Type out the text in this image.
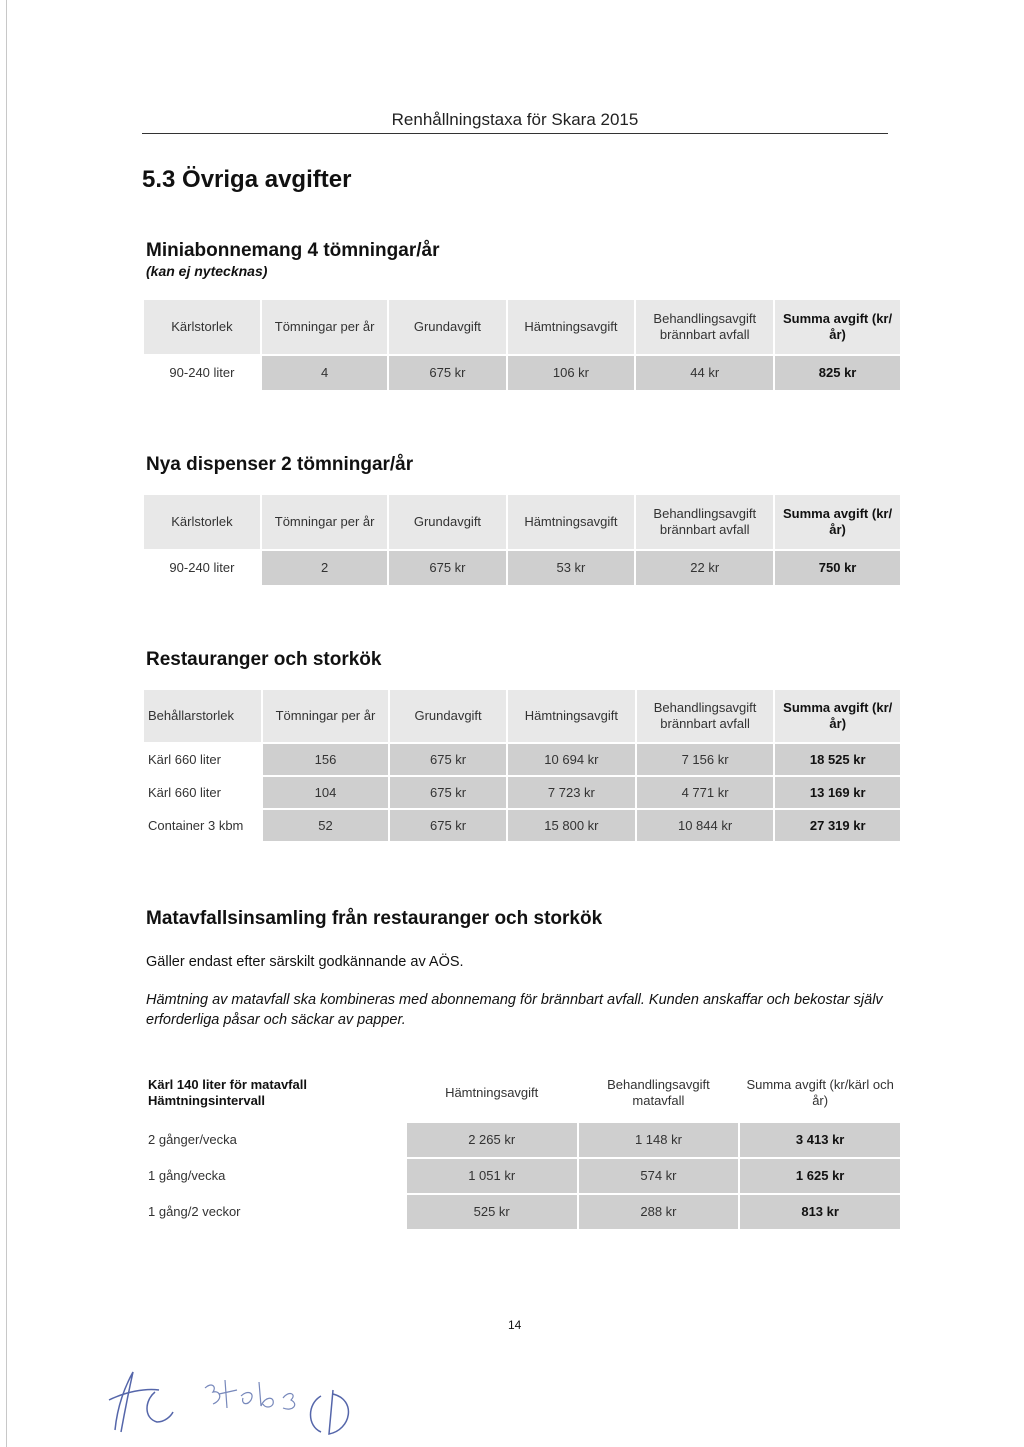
Renhållningstaxa för Skara 2015
5.3 Övriga avgifter
Miniabonnemang 4 tömningar/år
(kan ej nytecknas)
Kärlstorlek	Tömningar per år	Grundavgift	Hämtningsavgift	Behandlingsavgift brännbart avfall	Summa avgift (kr/år)
90-240 liter	4	675 kr	106 kr	44 kr	825 kr
Nya dispenser 2 tömningar/år
Kärlstorlek	Tömningar per år	Grundavgift	Hämtningsavgift	Behandlingsavgift brännbart avfall	Summa avgift (kr/år)
90-240 liter	2	675 kr	53 kr	22 kr	750 kr
Restauranger och storkök
Behållarstorlek	Tömningar per år	Grundavgift	Hämtningsavgift	Behandlingsavgift brännbart avfall	Summa avgift (kr/år)
Kärl 660 liter	156	675 kr	10 694 kr	7 156 kr	18 525 kr
Kärl 660 liter	104	675 kr	7 723 kr	4 771 kr	13 169 kr
Container 3 kbm	52	675 kr	15 800 kr	10 844 kr	27 319 kr
Matavfallsinsamling från restauranger och storkök
Gäller endast efter särskilt godkännande av AÖS.
Hämtning av matavfall ska kombineras med abonnemang för brännbart avfall. Kunden anskaffar och bekostar själv erforderliga påsar och säckar av papper.
Kärl 140 liter för matavfall Hämtningsintervall	Hämtningsavgift	Behandlingsavgift matavfall	Summa avgift (kr/kärl och år)
2 gånger/vecka	2 265 kr	1 148 kr	3 413 kr
1 gång/vecka	1 051 kr	574 kr	1 625 kr
1 gång/2 veckor	525 kr	288 kr	813 kr
14
